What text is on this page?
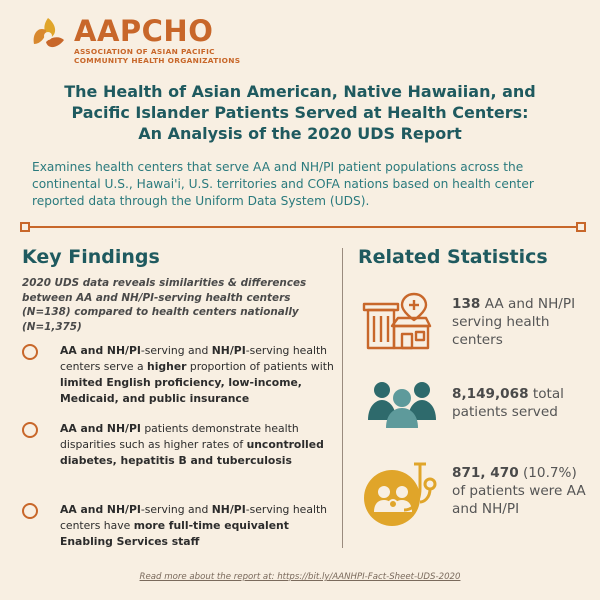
AAPCHO
ASSOCIATION OF ASIAN PACIFIC
COMMUNITY HEALTH ORGANIZATIONS
The Health of Asian American, Native Hawaiian, and
Pacific Islander Patients Served at Health Centers:
An Analysis of the 2020 UDS Report

Examines health centers that serve AA and NH/PI patient populations across the continental U.S., Hawai'i, U.S. territories and COFA nations based on health center reported data through the Uniform Data System (UDS).

Key Findings

2020 UDS data reveals similarities & differences between AA and NH/PI-serving health centers (N=138) compared to health centers nationally (N=1,375)

AA and NH/PI-serving and NH/PI-serving health centers serve a higher proportion of patients with limited English proficiency, low-income, Medicaid, and public insurance
AA and NH/PI patients demonstrate health disparities such as higher rates of uncontrolled diabetes, hepatitis B and tuberculosis
AA and NH/PI-serving and NH/PI-serving health centers have more full-time equivalent Enabling Services staff
Related Statistics
138 AA and NH/PI serving health centers
8,149,068 total patients served
871, 470 (10.7%) of patients were AA and NH/PI
Read more about the report at: https://bit.ly/AANHPI-Fact-Sheet-UDS-2020
